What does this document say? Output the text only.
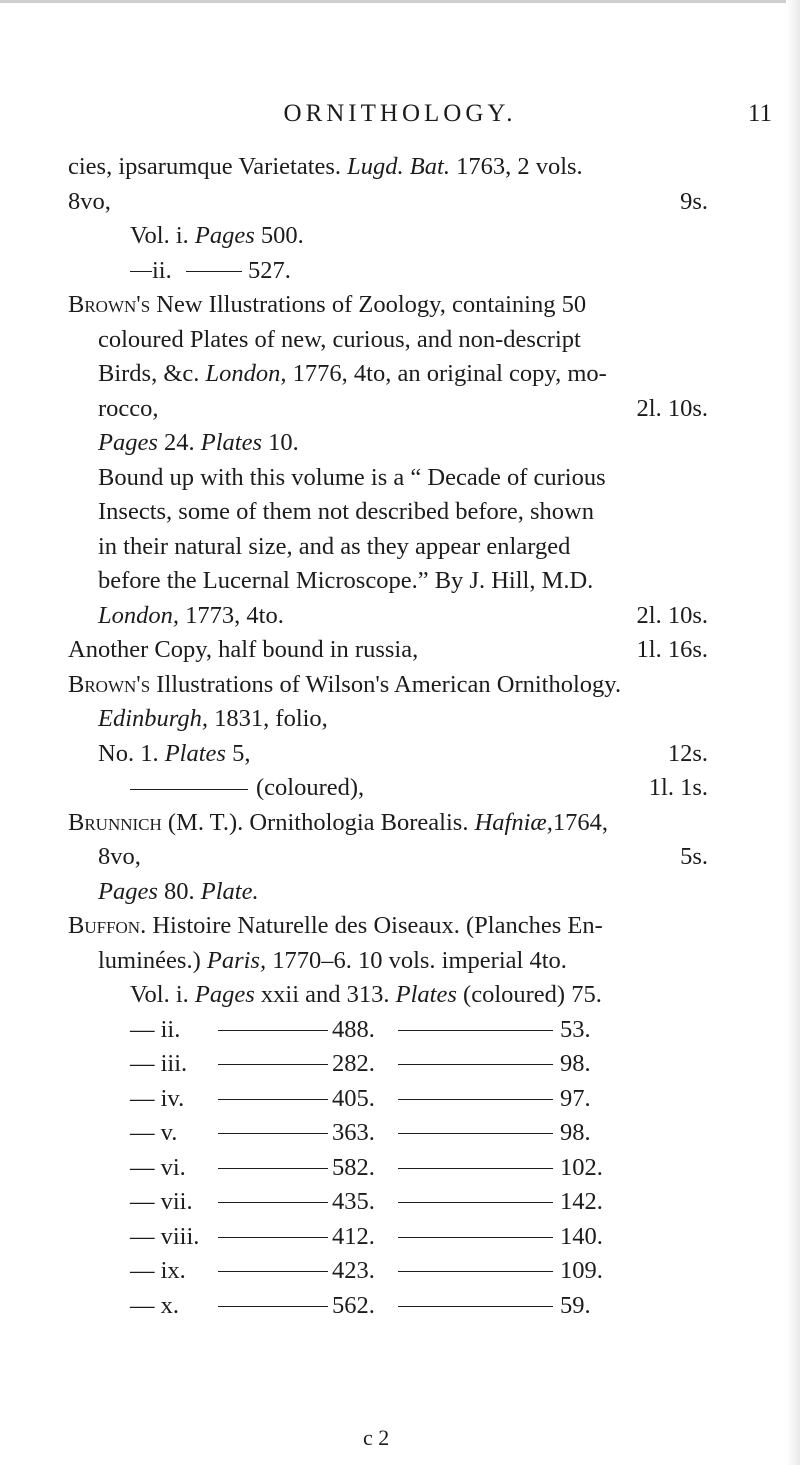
ORNITHOLOGY.	11
cies, ipsarumque Varietates. Lugd. Bat. 1763, 2 vols.
8vo,	9s.
Vol. i. Pages 500.
ii.	527.
Brown's New Illustrations of Zoology, containing 50
coloured Plates of new, curious, and non-descript
Birds, &c. London, 1776, 4to, an original copy, mo-
rocco,	2l. 10s.
Pages 24. Plates 10.
Bound up with this volume is a “ Decade of curious
Insects, some of them not described before, shown
in their natural size, and as they appear enlarged
before the Lucernal Microscope.” By J. Hill, M.D.
London, 1773, 4to.	2l. 10s.
Another Copy, half bound in russia,	1l. 16s.
Brown's Illustrations of Wilson's American Ornithology.
Edinburgh, 1831, folio,
No. 1. Plates 5,	12s.
(coloured),	1l. 1s.
Brunnich (M. T.). Ornithologia Borealis. Hafniæ,1764,
8vo,	5s.
Pages 80. Plate.
Buffon. Histoire Naturelle des Oiseaux. (Planches En-
luminées.) Paris, 1770–6. 10 vols. imperial 4to.
Vol. i. Pages xxii and 313. Plates (coloured) 75.
— ii.	488.	53.
— iii.	282.	98.
— iv.	405.	97.
— v.	363.	98.
— vi.	582.	102.
— vii.	435.	142.
— viii.	412.	140.
— ix.	423.	109.
— x.	562.	59.
c 2
